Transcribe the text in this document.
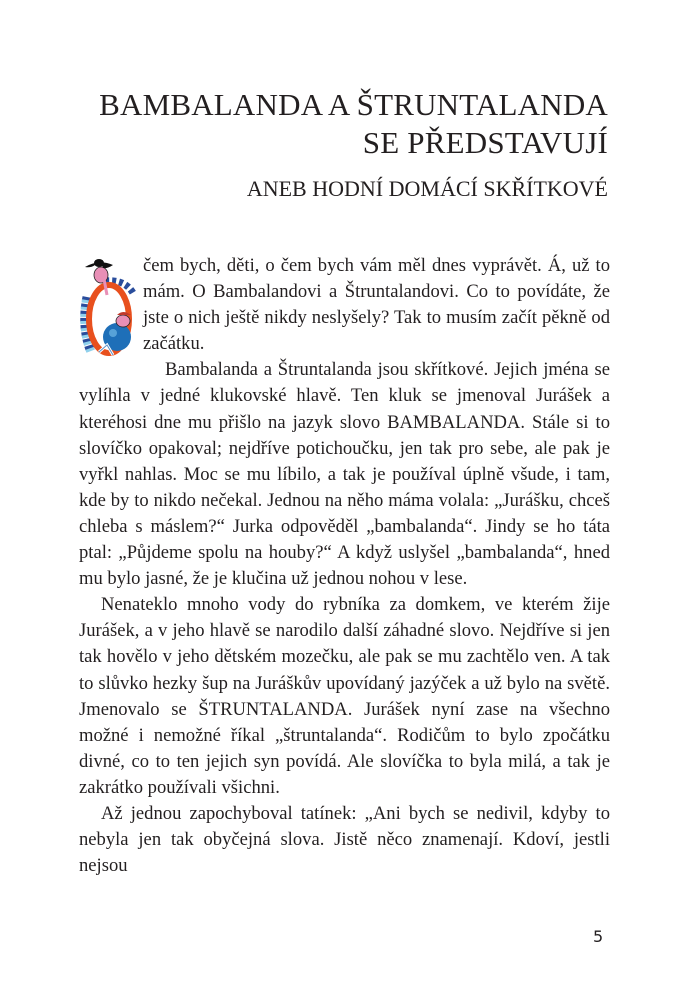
BAMBALANDA A ŠTRUNTALANDA
SE PŘEDSTAVUJÍ
ANEB HODNÍ DOMÁCÍ SKŘÍTKOVÉ

čem bych, děti, o čem bych vám měl dnes vyprávět. Á, už to mám. O Bambalandovi a Štruntalandovi. Co to povídáte, že jste o nich ještě nikdy neslyšely? Tak to musím začít pěkně od začátku.

Bambalanda a Štruntalanda jsou skřítkové. Jejich jména se vylíhla v jedné klukovské hlavě. Ten kluk se jmenoval Jurášek a kteréhosi dne mu přišlo na jazyk slovo BAMBALANDA. Stále si to slovíčko opakoval; nejdříve potichoučku, jen tak pro sebe, ale pak je vyřkl nahlas. Moc se mu líbilo, a tak je používal úplně všude, i tam, kde by to nikdo nečekal. Jednou na něho máma volala: „Jurášku, chceš chleba s máslem?“ Jurka odpověděl „bambalanda“. Jindy se ho táta ptal: „Půjdeme spolu na houby?“ A když uslyšel „bambalanda“, hned mu bylo jasné, že je klučina už jednou nohou v lese.

Nenateklo mnoho vody do rybníka za domkem, ve kterém žije Jurášek, a v jeho hlavě se narodilo další záhadné slovo. Nejdříve si jen tak hovělo v jeho dětském mozečku, ale pak se mu zachtělo ven. A tak to slůvko hezky šup na Juráškův upovídaný jazýček a už bylo na světě. Jmenovalo se ŠTRUNTALANDA. Jurášek nyní zase na všechno možné i nemožné říkal „štruntalanda“. Rodičům to bylo zpočátku divné, co to ten jejich syn povídá. Ale slovíčka to byla milá, a tak je zakrátko používali všichni.

Až jednou zapochyboval tatínek: „Ani bych se nedivil, kdyby to nebyla jen tak obyčejná slova. Jistě něco znamenají. Kdoví, jestli nejsou

5
